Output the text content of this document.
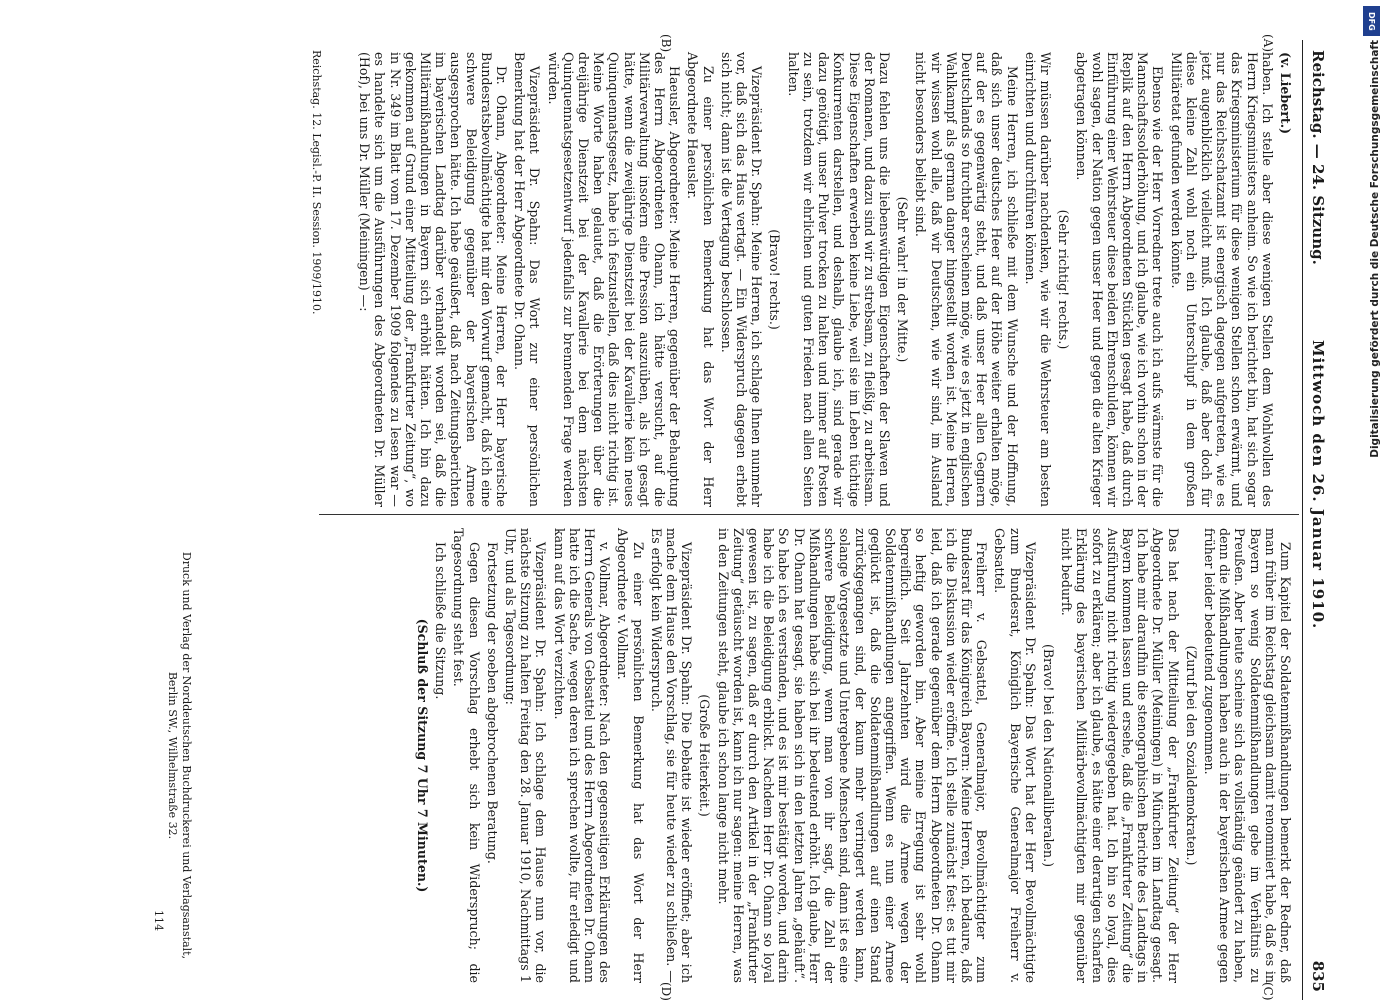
Reichstag. — 24. Sitzung.
Mittwoch den 26. Januar 1910.
835
(A)
(B)
(C)
(D)

(v. Liebert.)

haben. Ich stelle aber diese wenigen Stellen dem Wohlwollen des Herrn Kriegsministers anheim. So wie ich berichtet bin, hat sich sogar das Kriegsministerium für diese wenigen Stellen schon erwärmt, und nur das Reichsschatzamt ist energisch dagegen aufgetreten, wie es jetzt augenblicklich vielleicht muß. Ich glaube, daß aber doch für diese kleine Zahl wohl noch ein Unterschlupf in dem großen Militäretat gefunden werden könnte.

Ebenso wie der Herr Vorredner trete auch ich aufs wärmste für die Mannschaftssolderhöhung, und ich glaube, wie ich vorhin schon in der Replik auf den Herrn Abgeordneten Stücklen gesagt habe, daß durch Einführung einer Wehrsteuer diese beiden Ehrenschulden, können wir wohl sagen, der Nation gegen unser Heer und gegen die alten Krieger abgetragen können.

(Sehr richtig! rechts.)

Wir müssen darüber nachdenken, wie wir die Wehrsteuer am besten einrichten und durchführen können.

Meine Herren, ich schließe mit dem Wunsche und der Hoffnung, daß sich unser deutsches Heer auf der Höhe weiter erhalten möge, auf der es gegenwärtig steht, und daß unser Heer allen Gegnern Deutschlands so furchtbar erscheinen möge, wie es jetzt in englischen Wahlkampf als german danger hingestellt worden ist. Meine Herren, wir wissen wohl alle, daß wir Deutschen, wie wir sind, im Ausland nicht besonders beliebt sind.

(Sehr wahr! in der Mitte.)

Dazu fehlen uns die liebenswürdigen Eigenschaften der Slawen und der Romanen, und dazu sind wir zu strebsam, zu fleißig, zu arbeitsam. Diese Eigenschaften erwerben keine Liebe, weil sie im Leben tüchtige Konkurrenten darstellen, und deshalb, glaube ich, sind gerade wir dazu genötigt, unser Pulver trocken zu halten und immer auf Posten zu sein, trotzdem wir ehrlichen und guten Frieden nach allen Seiten halten.

(Bravo! rechts.)

Vizepräsident Dr. Spahn: Meine Herren, ich schlage Ihnen nunmehr vor, daß sich das Haus vertagt. — Ein Widerspruch dagegen erhebt sich nicht; dann ist die Vertagung beschlossen.

Zu einer persönlichen Bemerkung hat das Wort der Herr Abgeordnete Haeusler.

Haeusler, Abgeordneter: Meine Herren, gegenüber der Behauptung des Herrn Abgeordneten Ohann, ich hätte versucht, auf die Militärverwaltung insofern eine Pression auszuüben, als ich gesagt hätte, wenn die zweijährige Dienstzeit bei der Kavallerie kein neues Quinquennatsgesetz, habe ich festzustellen, daß dies nicht richtig ist. Meine Worte haben gelautet, daß die Erörterungen über die dreijährige Dienstzeit bei der Kavallerie bei dem nächsten Quinquennatsgesetzentwurf jedenfalls zur brennenden Frage werden würden.

Vizepräsident Dr. Spahn: Das Wort zur einer persönlichen Bemerkung hat der Herr Abgeordnete Dr. Ohann.

Dr. Ohann, Abgeordneter: Meine Herren, der Herr bayerische Bundesratsbevollmächtigte hat mir den Vorwurf gemacht, daß ich eine schwere Beleidigung gegenüber der bayerischen Armee ausgesprochen hätte. Ich habe geäußert, daß nach Zeitungsberichten im bayerischen Landtag darüber verhandelt worden sei, daß die Militärmißhandlungen in Bayern sich erhöht hätten. Ich bin dazu gekommen auf Grund einer Mitteilung der „Frankfurter Zeitung“, wo in Nr. 349 im Blatt vom 17. Dezember 1909 folgendes zu lesen war — es handelte sich um die Ausführungen des Abgeordneten Dr. Müller (Hof), bei uns Dr. Müller (Meiningen) —:

Zum Kapitel der Soldatenmißhandlungen bemerkt der Redner, daß man früher im Reichstag gleichsam damit renommiert habe, daß es in Bayern so wenig Soldatenmißhandlungen gebe im Verhältnis zu Preußen. Aber heute scheine sich das vollständig geändert zu haben, denn die Mißhandlungen haben auch in der bayerischen Armee gegen früher leider bedeutend zugenommen.

(Zuruf bei den Sozialdemokraten.)

Das hat nach der Mitteilung der „Frankfurter Zeitung“ der Herr Abgeordnete Dr. Müller (Meiningen) in München im Landtag gesagt. Ich habe mir daraufhin die stenographischen Berichte des Landtags in Bayern kommen lassen und ersehe, daß die „Frankfurter Zeitung“ die Ausführung nicht richtig wiedergegeben hat. Ich bin so loyal, dies sofort zu erklären; aber ich glaube, es hätte einer derartigen scharfen Erklärung des bayerischen Militärbevollmächtigten mir gegenüber nicht bedurft.

(Bravo! bei den Nationalliberalen.)

Vizepräsident Dr. Spahn: Das Wort hat der Herr Bevollmächtigte zum Bundesrat, Königlich Bayerische Generalmajor Freiherr v. Gebsattel.

Freiherr v. Gebsattel, Generalmajor, Bevollmächtigter zum Bundesrat für das Königreich Bayern: Meine Herren, ich bedaure, daß ich die Diskussion wieder eröffne. Ich stelle zunächst fest: es tut mir leid, daß ich gerade gegenüber dem Herrn Abgeordneten Dr. Ohann so heftig geworden bin. Aber meine Erregung ist sehr wohl begreiflich. Seit Jahrzehnten wird die Armee wegen der Soldatenmißhandlungen angegriffen. Wenn es nun einer Armee geglückt ist, daß die Soldatenmißhandlungen auf einen Stand zurückgegangen sind, der kaum mehr verringert werden kann, solange Vorgesetzte und Untergebene Menschen sind, dann ist es eine schwere Beleidigung, wenn man von ihr sagt, die Zahl der Mißhandlungen habe sich bei ihr bedeutend erhöht. Ich glaube, Herr Dr. Ohann hat gesagt, sie haben sich in den letzten Jahren „gehäuft“. So habe ich es verstanden, und es ist mir bestätigt worden, und darin habe ich die Beleidigung erblickt. Nachdem Herr Dr. Ohann so loyal gewesen ist, zu sagen, daß er durch den Artikel in der „Frankfurter Zeitung“ getäuscht worden ist, kann ich nur sagen: meine Herren, was in den Zeitungen steht, glaube ich schon lange nicht mehr.

(Große Heiterkeit.)

Vizepräsident Dr. Spahn: Die Debatte ist wieder eröffnet; aber ich mache dem Hause den Vorschlag, sie für heute wieder zu schließen. — Es erfolgt kein Widerspruch.

Zu einer persönlichen Bemerkung hat das Wort der Herr Abgeordnete v. Vollmar.

v. Vollmar, Abgeordneter: Nach den gegenseitigen Erklärungen des Herrn Generals von Gebsattel und des Herrn Abgeordneten Dr. Ohann hatte ich die Sache, wegen deren ich sprechen wollte, für erledigt und kann auf das Wort verzichten.

Vizepräsident Dr. Spahn: Ich schlage dem Hause nun vor, die nächste Sitzung zu halten Freitag den 28. Januar 1910, Nachmittags 1 Uhr, und als Tagesordnung:

Fortsetzung der soeben abgebrochenen Beratung.

Gegen diesen Vorschlag erhebt sich kein Widerspruch; die Tagesordnung steht fest.

Ich schließe die Sitzung.

(Schluß der Sitzung 7 Uhr 7 Minuten.)

Reichstag. 12. Legisl.-P. II. Session. 1909/1910.
Druck und Verlag der Norddeutschen Buchdruckerei und Verlagsanstalt,
Berlin SW., Wilhelmstraße 32.
114
DFG
Digitalisierung gefördert durch die Deutsche Forschungsgemeinschaft
